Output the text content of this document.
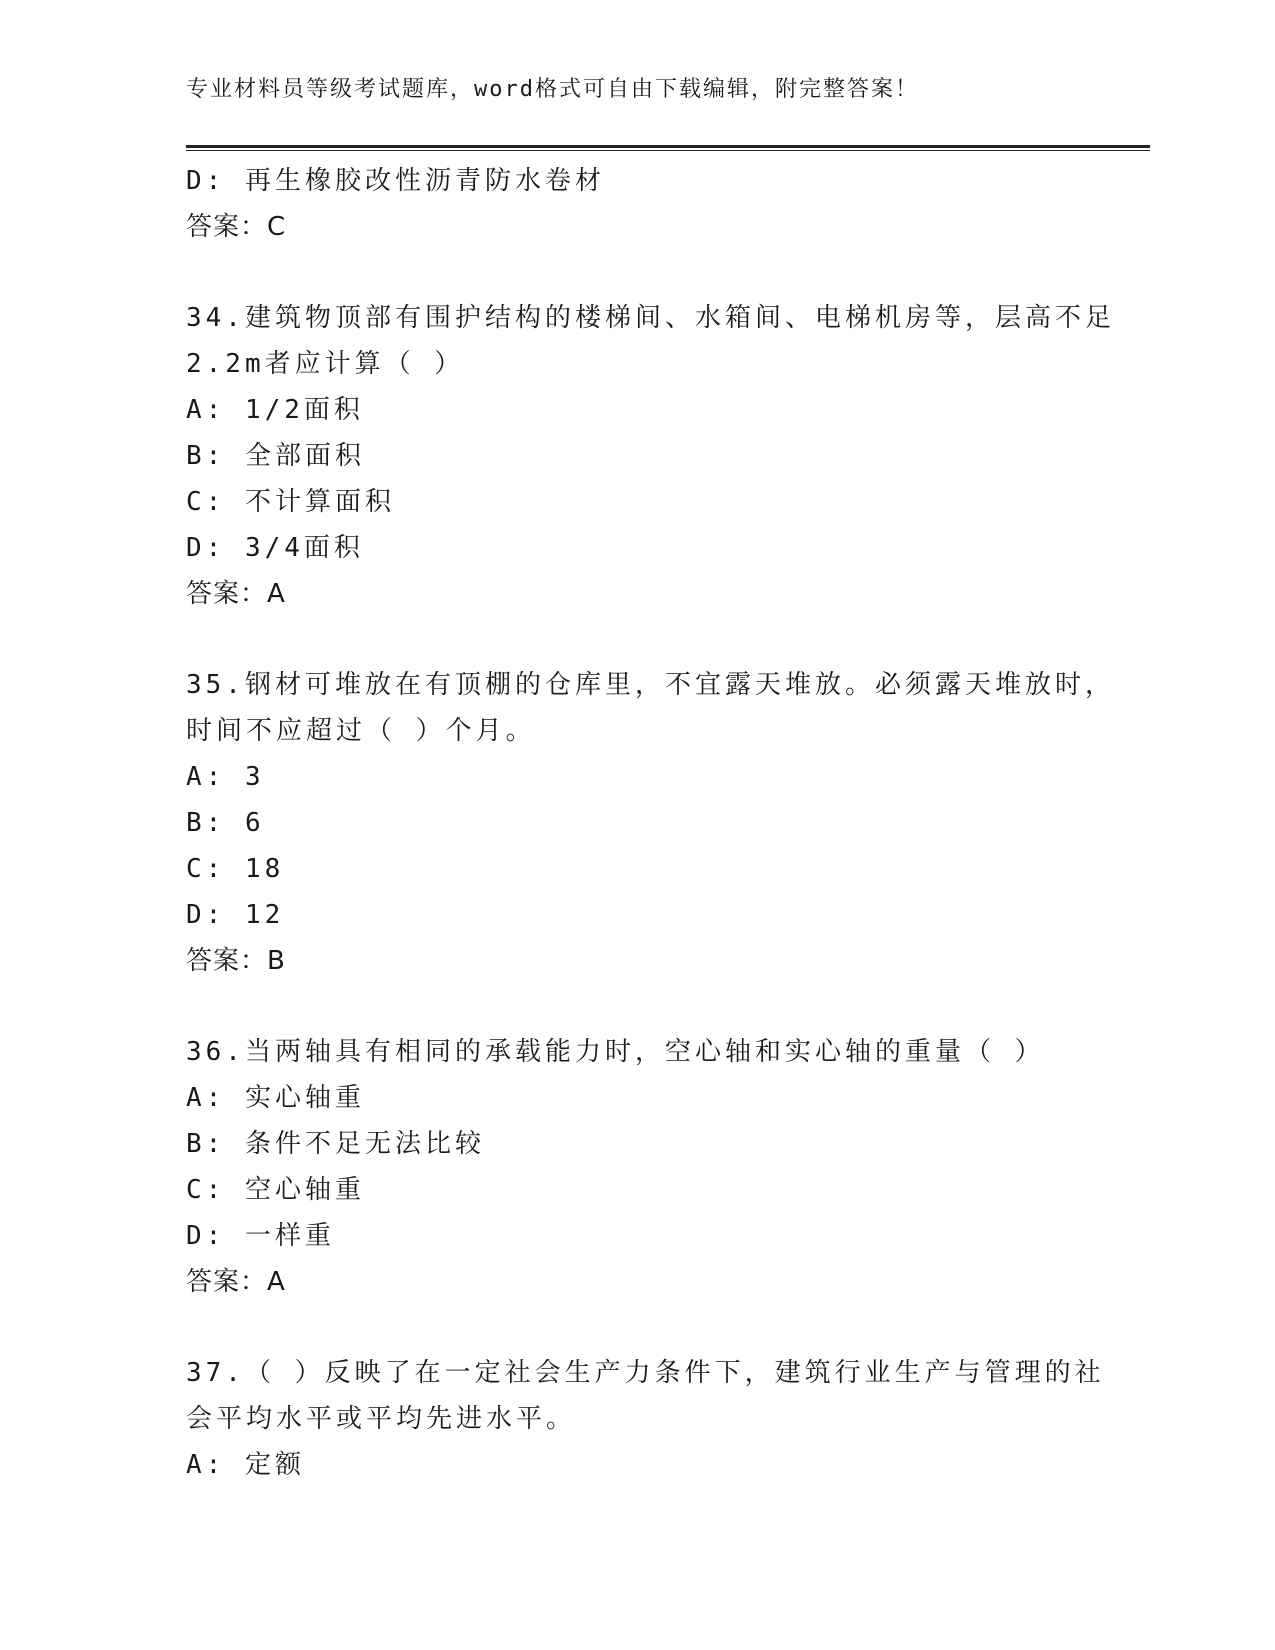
专业材料员等级考试题库，word格式可自由下载编辑，附完整答案！
D: 再生橡胶改性沥青防水卷材
答案：C
34.建筑物顶部有围护结构的楼梯间、水箱间、电梯机房等，层高不足
2.2m者应计算（ ）
A: 1/2面积
B: 全部面积
C: 不计算面积
D: 3/4面积
答案：A
35.钢材可堆放在有顶棚的仓库里，不宜露天堆放。必须露天堆放时，
时间不应超过（ ）个月。
A: 3
B: 6
C: 18
D: 12
答案：B
36.当两轴具有相同的承载能力时，空心轴和实心轴的重量（ ）
A: 实心轴重
B: 条件不足无法比较
C: 空心轴重
D: 一样重
答案：A
37.（ ）反映了在一定社会生产力条件下，建筑行业生产与管理的社
会平均水平或平均先进水平。
A: 定额
